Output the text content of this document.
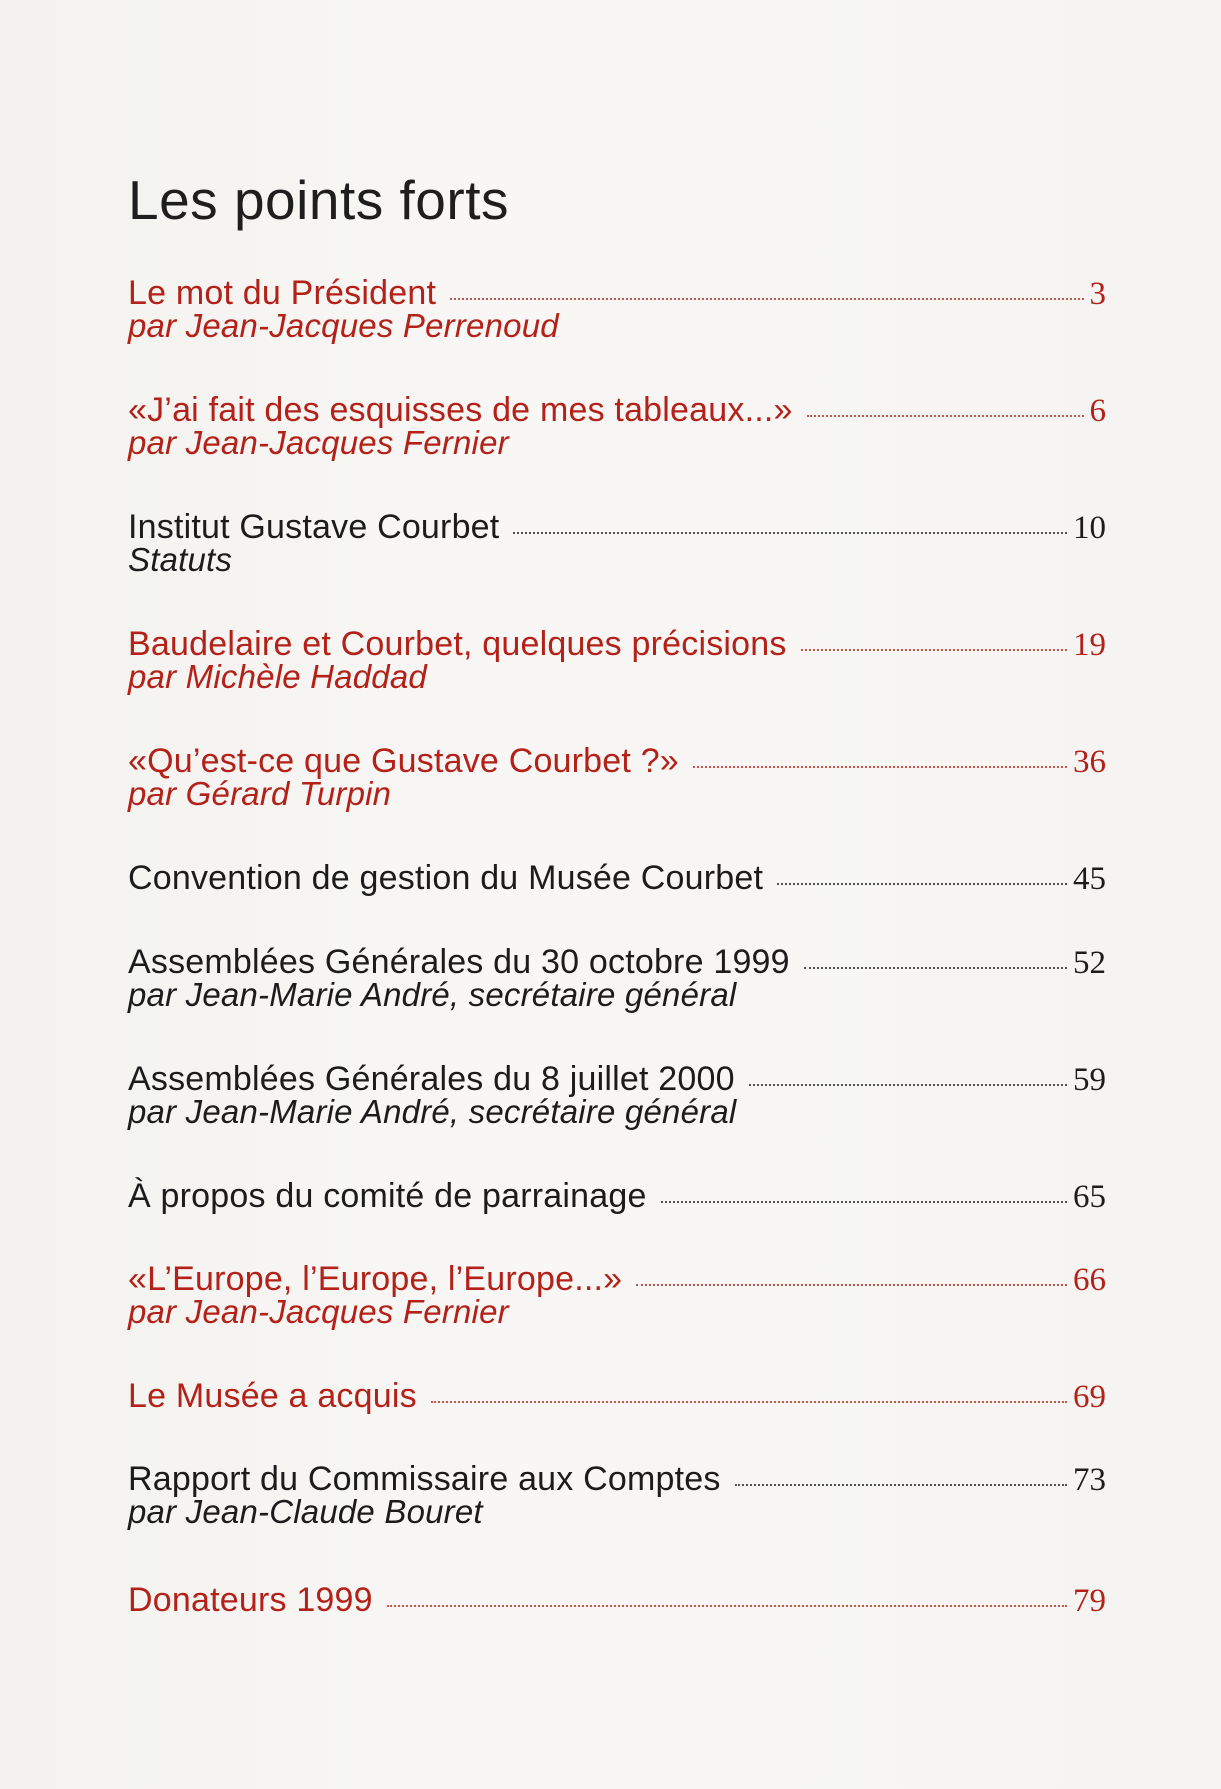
Les points forts
Le mot du Président	3
par Jean-Jacques Perrenoud
«J’ai fait des esquisses de mes tableaux...»	6
par Jean-Jacques Fernier
Institut Gustave Courbet	10
Statuts
Baudelaire et Courbet, quelques précisions	19
par Michèle Haddad
«Qu’est-ce que Gustave Courbet ?»	36
par Gérard Turpin
Convention de gestion du Musée Courbet	45
Assemblées Générales du 30 octobre 1999	52
par Jean-Marie André, secrétaire général
Assemblées Générales du 8 juillet 2000	59
par Jean-Marie André, secrétaire général
À propos du comité de parrainage	65
«L’Europe, l’Europe, l’Europe...»	66
par Jean-Jacques Fernier
Le Musée a acquis	69
Rapport du Commissaire aux Comptes	73
par Jean-Claude Bouret
Donateurs 1999	79
